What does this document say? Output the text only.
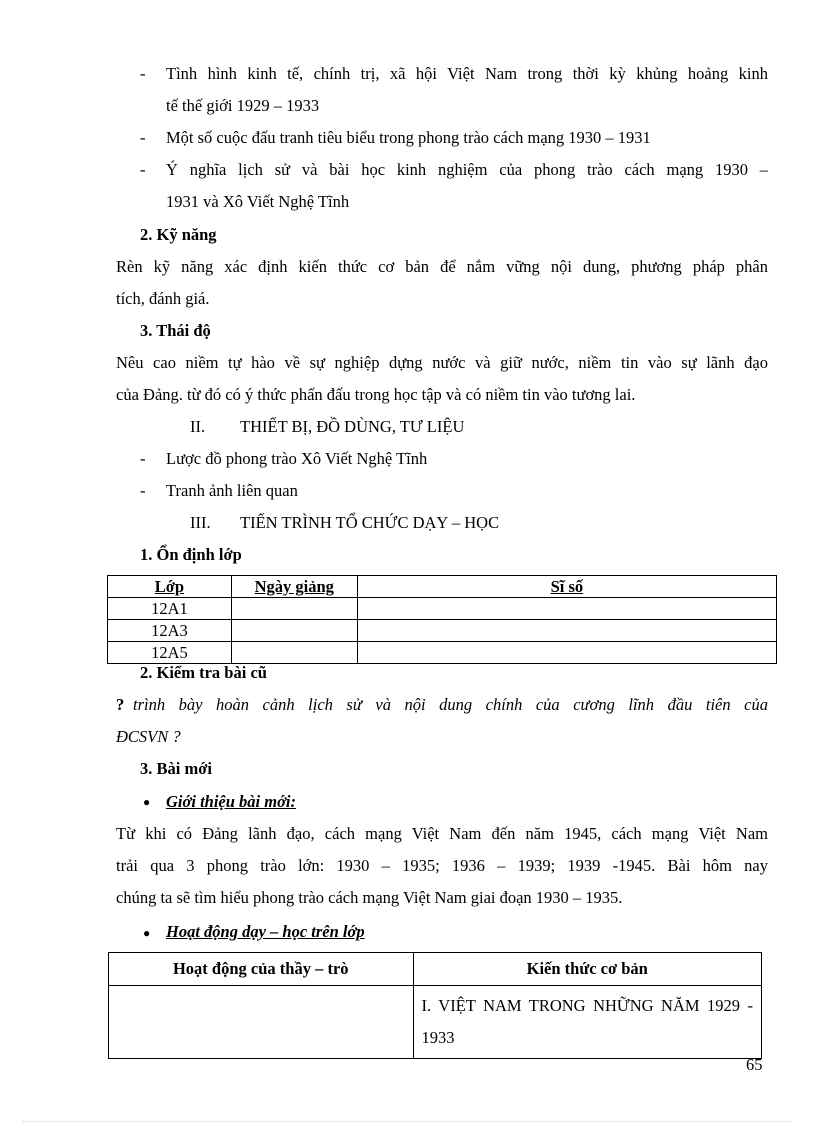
- Tình hình kinh tế, chính trị, xã hội Việt Nam trong thời kỳ khủng hoảng kinh
tế thế giới 1929 – 1933
- Một số cuộc đấu tranh tiêu biểu trong phong trào cách mạng 1930 – 1931
- Ý nghĩa lịch sử và bài học kinh nghiệm của phong trào cách mạng 1930 –
1931 và Xô Viết Nghệ Tĩnh
2. Kỹ năng
Rèn kỹ năng xác định kiến thức cơ bản để nắm vững nội dung, phương pháp phân
tích, đánh giá.
3. Thái độ
Nêu cao niềm tự hào về sự nghiệp dựng nước và giữ nước, niềm tin vào sự lãnh đạo
của Đảng. từ đó có ý thức phấn đấu trong học tập và có niềm tin vào tương lai.
II. THIẾT BỊ, ĐỒ DÙNG, TƯ LIỆU
- Lược đồ phong trào Xô Viết Nghệ Tĩnh
- Tranh ảnh liên quan
III. TIẾN TRÌNH TỔ CHỨC DẠY – HỌC
1. Ổn định lớp
Lớp	Ngày giảng	Sĩ số
12A1		
12A3		
12A5		
2. Kiểm tra bài cũ
? trình bày hoàn cảnh lịch sử và nội dung chính của cương lĩnh đầu tiên của
ĐCSVN ?
3. Bài mới
● Giới thiệu bài mới:
Từ khi có Đảng lãnh đạo, cách mạng Việt Nam đến năm 1945, cách mạng Việt Nam
trải qua 3 phong trào lớn: 1930 – 1935; 1936 – 1939; 1939 -1945. Bài hôm nay
chúng ta sẽ tìm hiểu phong trào cách mạng Việt Nam giai đoạn 1930 – 1935.
● Hoạt động dạy – học trên lớp
Hoạt động của thầy – trò	Kiến thức cơ bản

	I. VIỆT NAM TRONG NHỮNG NĂM 1929 - 1933
65
